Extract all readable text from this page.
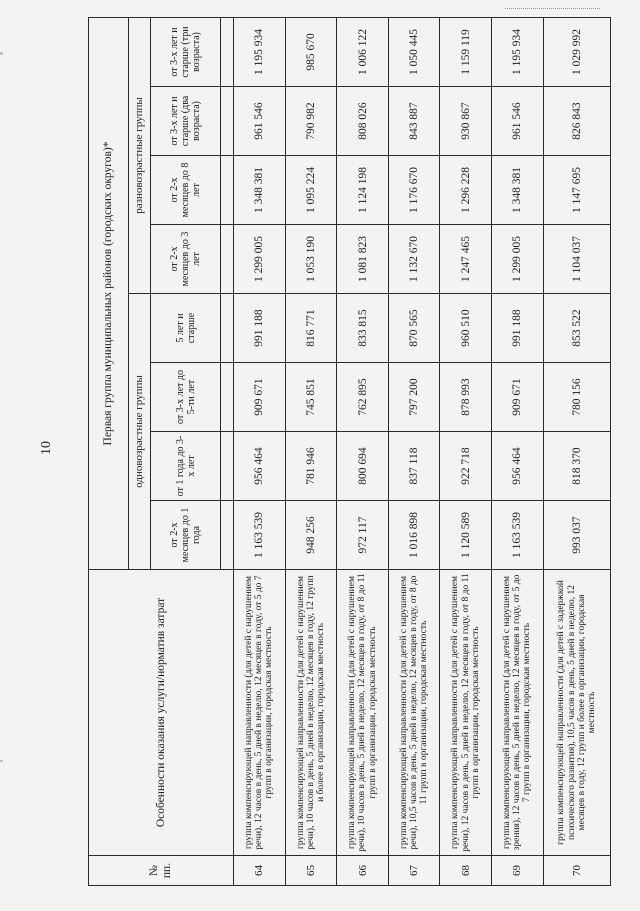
10
№
пп.	Особенности оказания услуги/норматив затрат	Первая группа муниципальных районов (городских округов)*							
		одновозрастные группы				разновозрастные группы			
		от 2-х месяцев до 1 года	от 1 года до 3-х лет	от 3-х лет до 5-ти лет	5 лет и старше	от 2-х месяцев до 3 лет	от 2-х месяцев до 8 лет	от 3-х лет и старше (два возраста)	от 3-х лет и старше (три возраста)

64	группа компенсирующей направленности (для детей с нарушением речи), 12 часов в день, 5 дней в неделю, 12 месяцев в году, от 5 до 7 групп в организации, городская местность	1 163 539	956 464	909 671	991 188	1 299 005	1 348 381	961 546	1 195 934
65	группа компенсирующей направленности (для детей с нарушением речи), 10 часов в день, 5 дней в неделю, 12 месяцев в году, 12 групп и более в организации, городская местность	948 256	781 946	745 851	816 771	1 053 190	1 095 224	790 982	985 670
66	группа компенсирующей направленности (для детей с нарушением речи), 10 часов в день, 5 дней в неделю, 12 месяцев в году, от 8 до 11 групп в организации, городская местность	972 117	800 694	762 895	833 815	1 081 823	1 124 198	808 026	1 006 122
67	группа компенсирующей направленности (для детей с нарушением речи), 10,5 часов в день, 5 дней в неделю, 12 месяцев в году, от 8 до 11 групп в организации, городская местность	1 016 898	837 118	797 200	870 565	1 132 670	1 176 670	843 887	1 050 445
68	группа компенсирующей направленности (для детей с нарушением речи), 12 часов в день, 5 дней в неделю, 12 месяцев в году, от 8 до 11 групп в организации, городская местность	1 120 589	922 718	878 993	960 510	1 247 465	1 296 228	930 867	1 159 119
69	группа компенсирующей направленности (для детей с нарушением зрения), 12 часов в день, 5 дней в неделю, 12 месяцев в году, от 5 до 7 групп в организации, городская местность	1 163 539	956 464	909 671	991 188	1 299 005	1 348 381	961 546	1 195 934
70	группа компенсирующей направленности (для детей с задержкой психического развития), 10,5 часов в день, 5 дней в неделю, 12 месяцев в году, 12 групп и более в организации, городская местность	993 037	818 370	780 156	853 522	1 104 037	1 147 695	826 843	1 029 992
